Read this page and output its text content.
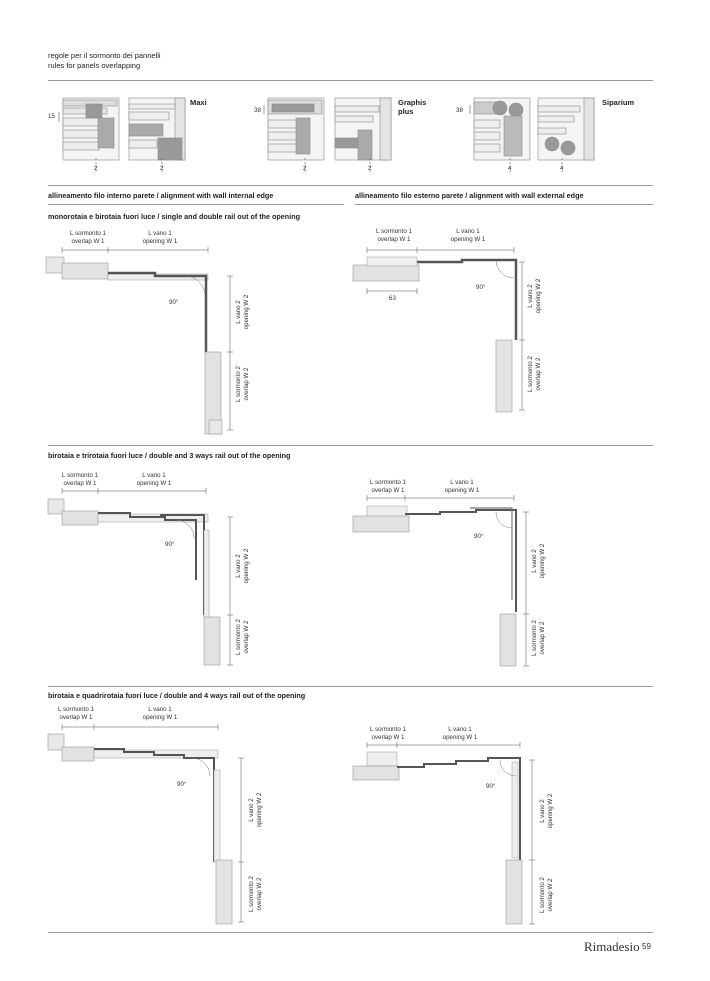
regole per il sormonto dei pannelli
rules for panels overlapping
Maxi
15
2	2
Graphis plus
38
2	2
Siparium
38
4	4
allineamento filo interno parete / alignment with wall internal edge	allineamento filo esterno parete / alignment with wall external edge
monorotaia e birotaia fuori luce / single and double rail out of the opening
L sormonto 1
overlap W 1
L vano 1
opening W 1
90°
L vano 2
opening W 2
L sormonto 2
overlap W 2
L sormonto 1
overlap W 1
L vano 1
opening W 1
90°
63
L vano 2
opening W 2
L sormonto 2
overlap W 2
birotaia e trirotaia fuori luce / double and 3 ways rail out of the opening
L sormonto 1
overlap W 1
L vano 1
opening W 1
90°
L vano 2
opening W 2
L sormonto 2
overlap W 2
L sormonto 1
overlap W 1
L vano 1
opening W 1
90°
L vano 2
opening W 2
L sormonto 2
overlap W 2
birotaia e quadrirotaia fuori luce / double and 4 ways rail out of the opening
L sormonto 1
overlap W 1
L vano 1
opening W 1
90°
L vano 2
opening W 2
L sormonto 2
overlap W 2
L sormonto 1
overlap W 1
L vano 1
opening W 1
90°
L vano 2
opening W 2
L sormonto 2
overlap W 2
Rimadesio 59
